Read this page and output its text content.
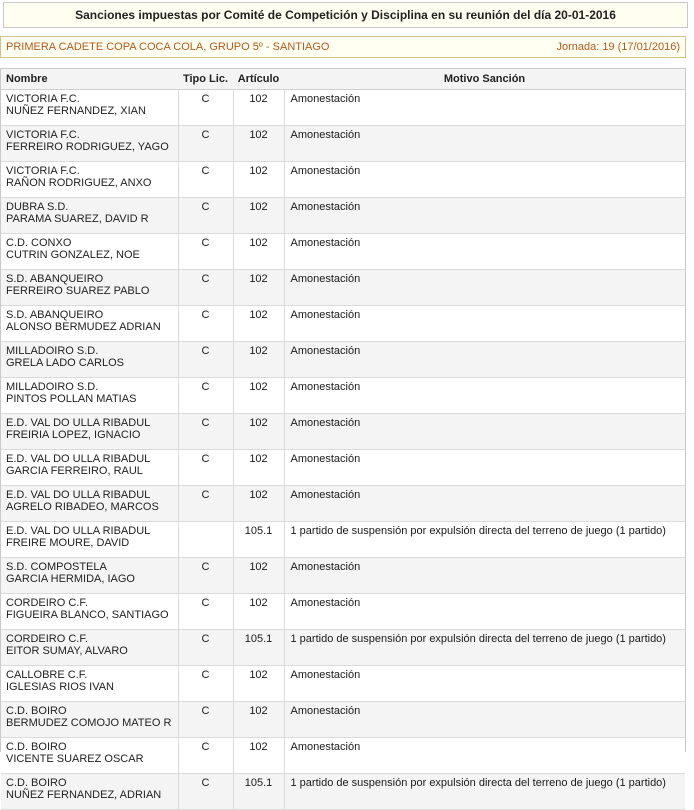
Sanciones impuestas por Comité de Competición y Disciplina en su reunión del día 20-01-2016
PRIMERA CADETE COPA COCA COLA, GRUPO 5º - SANTIAGO	Jornada: 19 (17/01/2016)
Nombre	Tipo Lic.	Artículo	Motivo Sanción

VICTORIA F.C.
NUÑEZ FERNANDEZ, XIAN	C	102	Amonestación

VICTORIA F.C.
FERREIRO RODRIGUEZ, YAGO	C	102	Amonestación

VICTORIA F.C.
RAÑON RODRIGUEZ, ANXO	C	102	Amonestación

DUBRA S.D.
PARAMA SUAREZ, DAVID R	C	102	Amonestación

C.D. CONXO
CUTRIN GONZALEZ, NOE	C	102	Amonestación

S.D. ABANQUEIRO
FERREIRO SUAREZ PABLO	C	102	Amonestación

S.D. ABANQUEIRO
ALONSO BERMUDEZ ADRIAN	C	102	Amonestación

MILLADOIRO S.D.
GRELA LADO CARLOS	C	102	Amonestación

MILLADOIRO S.D.
PINTOS POLLAN MATIAS	C	102	Amonestación

E.D. VAL DO ULLA RIBADUL
FREIRIA LOPEZ, IGNACIO	C	102	Amonestación

E.D. VAL DO ULLA RIBADUL
GARCIA FERREIRO, RAUL	C	102	Amonestación

E.D. VAL DO ULLA RIBADUL
AGRELO RIBADEO, MARCOS	C	102	Amonestación

E.D. VAL DO ULLA RIBADUL
FREIRE MOURE, DAVID		105.1	1 partido de suspensión por expulsión directa del terreno de juego (1 partido)

S.D. COMPOSTELA
GARCIA HERMIDA, IAGO	C	102	Amonestación

CORDEIRO C.F.
FIGUEIRA BLANCO, SANTIAGO	C	102	Amonestación

CORDEIRO C.F.
EITOR SUMAY, ALVARO	C	105.1	1 partido de suspensión por expulsión directa del terreno de juego (1 partido)

CALLOBRE C.F.
IGLESIAS RIOS IVAN	C	102	Amonestación

C.D. BOIRO
BERMUDEZ COMOJO MATEO R	C	102	Amonestación

C.D. BOIRO
VICENTE SUAREZ OSCAR	C	102	Amonestación

C.D. BOIRO
NUÑEZ FERNANDEZ, ADRIAN	C	105.1	1 partido de suspensión por expulsión directa del terreno de juego (1 partido)
